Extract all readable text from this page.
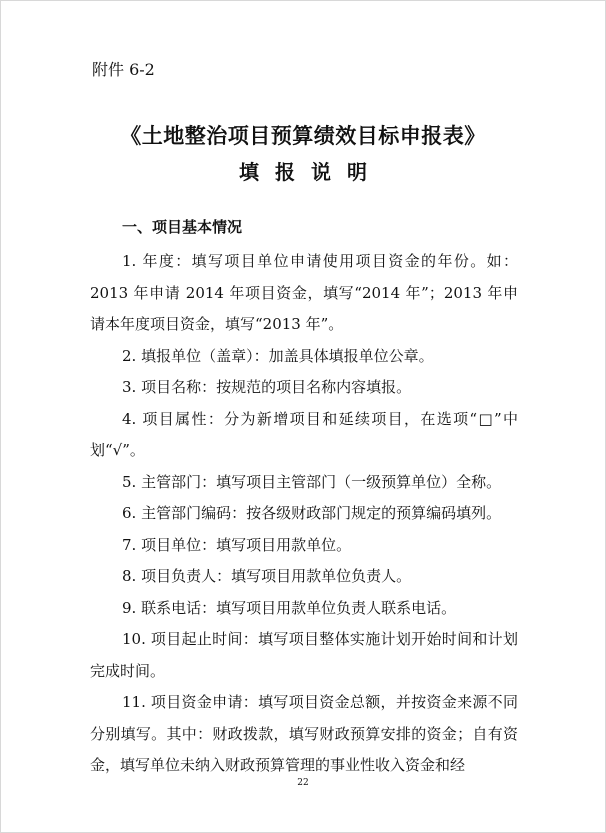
附件 6-2
《土地整治项目预算绩效目标申报表》
填报说明
一、项目基本情况

1. 年度：填写项目单位申请使用项目资金的年份。如：2013 年申请 2014 年项目资金，填写“2014 年”；2013 年申请本年度项目资金，填写“2013 年”。

2. 填报单位（盖章）：加盖具体填报单位公章。

3. 项目名称：按规范的项目名称内容填报。

4. 项目属性：分为新增项目和延续项目，在选项“□”中划“√”。

5. 主管部门：填写项目主管部门（一级预算单位）全称。

6. 主管部门编码：按各级财政部门规定的预算编码填列。

7. 项目单位：填写项目用款单位。

8. 项目负责人：填写项目用款单位负责人。

9. 联系电话：填写项目用款单位负责人联系电话。

10. 项目起止时间：填写项目整体实施计划开始时间和计划完成时间。

11. 项目资金申请：填写项目资金总额，并按资金来源不同分别填写。其中：财政拨款，填写财政预算安排的资金；自有资金，填写单位未纳入财政预算管理的事业性收入资金和经

22
